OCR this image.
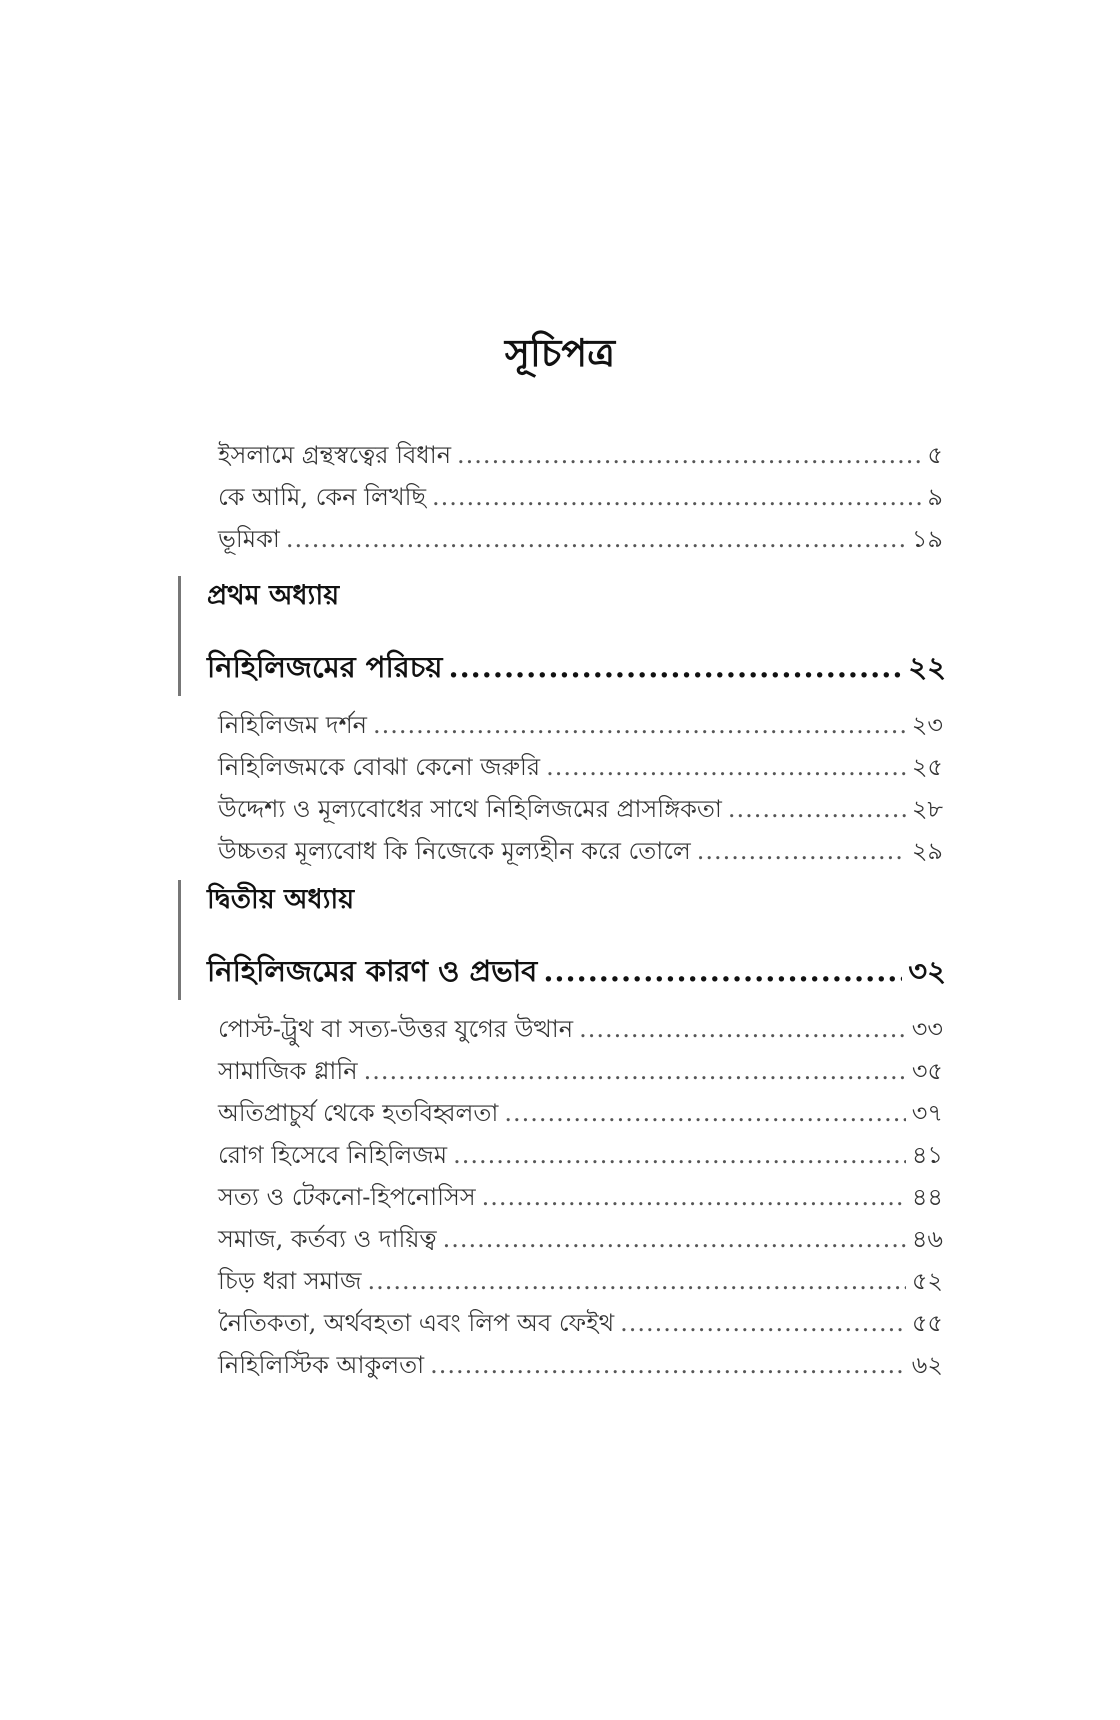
সূচিপত্র
ইসলামে গ্রন্থস্বত্বের বিধান .....	৫
কে আমি, কেন লিখছি .....	৯
ভূমিকা .....	১৯
প্রথম অধ্যায়
নিহিলিজমের পরিচয় .....	২২
নিহিলিজম দর্শন .....	২৩
নিহিলিজমকে বোঝা কেনো জরুরি .....	২৫
উদ্দেশ্য ও মূল্যবোধের সাথে নিহিলিজমের প্রাসঙ্গিকতা .....	২৮
উচ্চতর মূল্যবোধ কি নিজেকে মূল্যহীন করে তোলে .....	২৯
দ্বিতীয় অধ্যায়
নিহিলিজমের কারণ ও প্রভাব .....	৩২
পোস্ট-ট্রুথ বা সত্য-উত্তর যুগের উত্থান .....	৩৩
সামাজিক গ্লানি .....	৩৫
অতিপ্রাচুর্য থেকে হতবিহ্বলতা .....	৩৭
রোগ হিসেবে নিহিলিজম .....	৪১
সত্য ও টেকনো-হিপনোসিস .....	৪৪
সমাজ, কর্তব্য ও দায়িত্ব .....	৪৬
চিড় ধরা সমাজ .....	৫২
নৈতিকতা, অর্থবহতা এবং লিপ অব ফেইথ .....	৫৫
নিহিলিস্টিক আকুলতা .....	৬২
